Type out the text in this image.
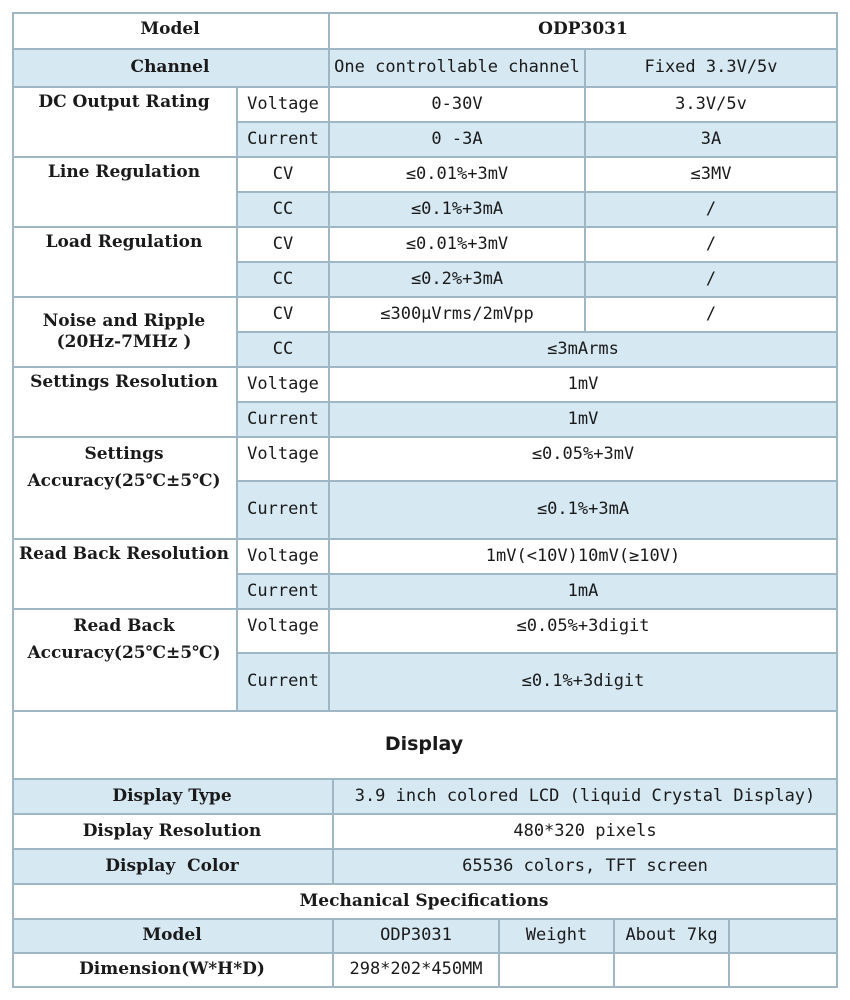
Model	ODP3031
Channel	One controllable channel	Fixed 3.3V/5v
DC Output Rating	Voltage	0-30V	3.3V/5v
Current	0 -3A	3A
Line Regulation	CV	≤0.01%+3mV	≤3MV
CC	≤0.1%+3mA	/
Load Regulation	CV	≤0.01%+3mV	/
CC	≤0.2%+3mA	/
Noise and Ripple
(20Hz-7MHz )
CV	≤300μVrms/2mVpp	/
CC	≤3mArms
Settings Resolution	Voltage	1mV
Current	1mV
Settings
Accuracy(25℃±5℃)
Voltage	≤0.05%+3mV
Current	≤0.1%+3mA
Read Back Resolution	Voltage	1mV(<10V)10mV(≥10V)
Current	1mA
Read Back
Accuracy(25℃±5℃)
Voltage	≤0.05%+3digit
Current	≤0.1%+3digit
Display
Display Type	3.9 inch colored LCD (liquid Crystal Display)
Display Resolution	480*320 pixels
Display  Color	65536 colors, TFT screen
Mechanical Specifications
Model	ODP3031	Weight	About 7kg
Dimension(W*H*D)	298*202*450MM
